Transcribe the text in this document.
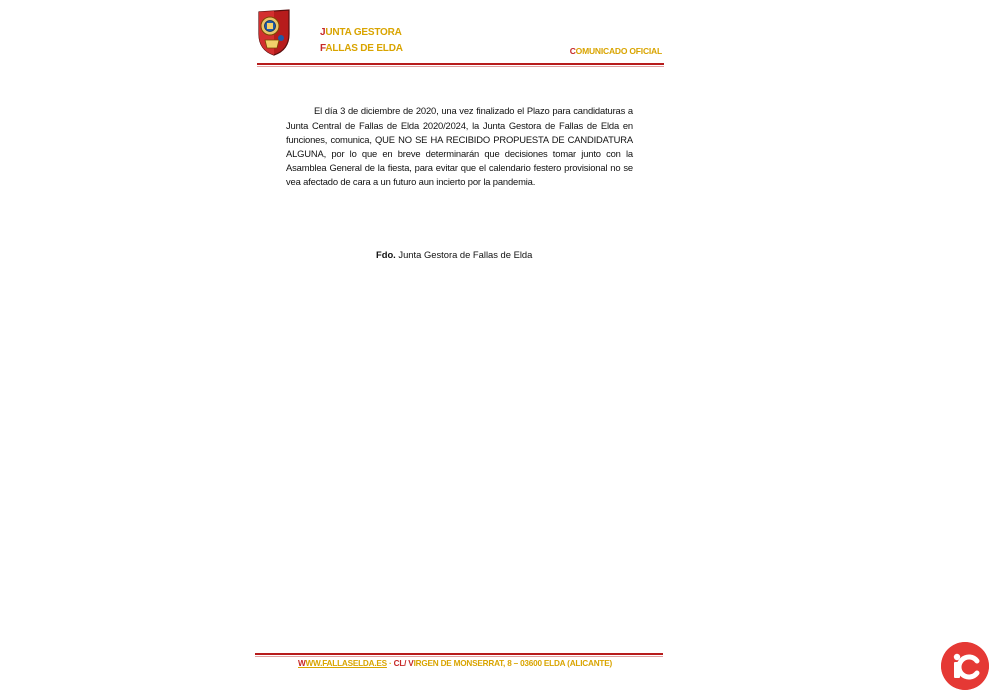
JUNTA GESTORA
FALLAS DE ELDA	COMUNICADO OFICIAL

El día 3 de diciembre de 2020, una vez finalizado el Plazo para candidaturas a Junta Central de Fallas de Elda 2020/2024, la Junta Gestora de Fallas de Elda en funciones, comunica, QUE NO SE HA RECIBIDO PROPUESTA DE CANDIDATURA ALGUNA, por lo que en breve determinarán que decisiones tomar junto con la Asamblea General de la fiesta, para evitar que el calendario festero provisional no se vea afectado de cara a un futuro aun incierto por la pandemia.

Fdo. Junta Gestora de Fallas de Elda
WWW.FALLASELDA.ES · CL/ VIRGEN DE MONSERRAT, 8 – 03600 ELDA (ALICANTE)
